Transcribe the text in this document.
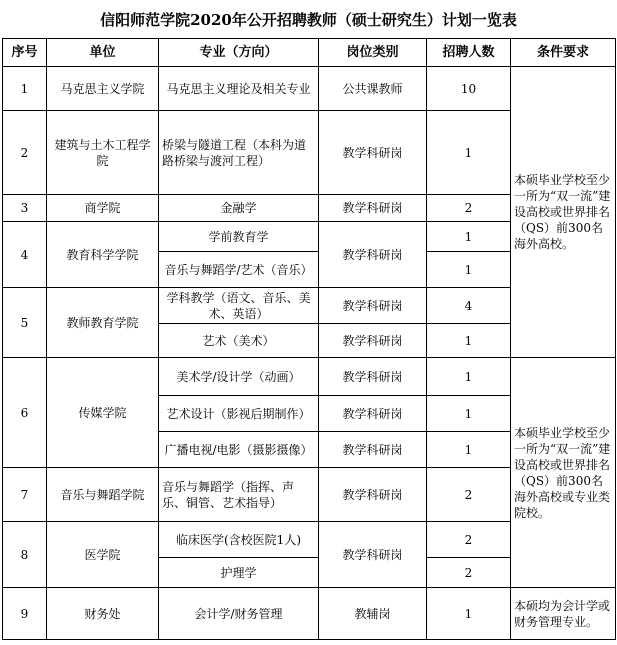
信阳师范学院2020年公开招聘教师（硕士研究生）计划一览表
序号	单位	专业（方向）	岗位类别	招聘人数	条件要求
1	马克思主义学院	马克思主义理论及相关专业	公共课教师	10	本硕毕业学校至少一所为“双一流”建设高校或世界排名（QS）前300名海外高校。
2	建筑与土木工程学院	桥梁与隧道工程（本科为道路桥梁与渡河工程）	教学科研岗	1	
3	商学院	金融学	教学科研岗	2	
4	教育科学学院	学前教育学	教学科研岗	1	
		音乐与舞蹈学/艺术（音乐）		1	
5	教师教育学院	学科教学（语文、音乐、美术、英语）	教学科研岗	4	
		艺术（美术）	教学科研岗	1	
6	传媒学院	美术学/设计学（动画）	教学科研岗	1	本硕毕业学校至少一所为“双一流”建设高校或世界排名（QS）前300名海外高校或专业类院校。
		艺术设计（影视后期制作）	教学科研岗	1	
		广播电视/电影（摄影摄像）	教学科研岗	1	
7	音乐与舞蹈学院	音乐与舞蹈学（指挥、声乐、铜管、艺术指导）	教学科研岗	2	
8	医学院	临床医学(含校医院1人)	教学科研岗	2	
		护理学		2	
9	财务处	会计学/财务管理	教辅岗	1	本硕均为会计学或财务管理专业。
